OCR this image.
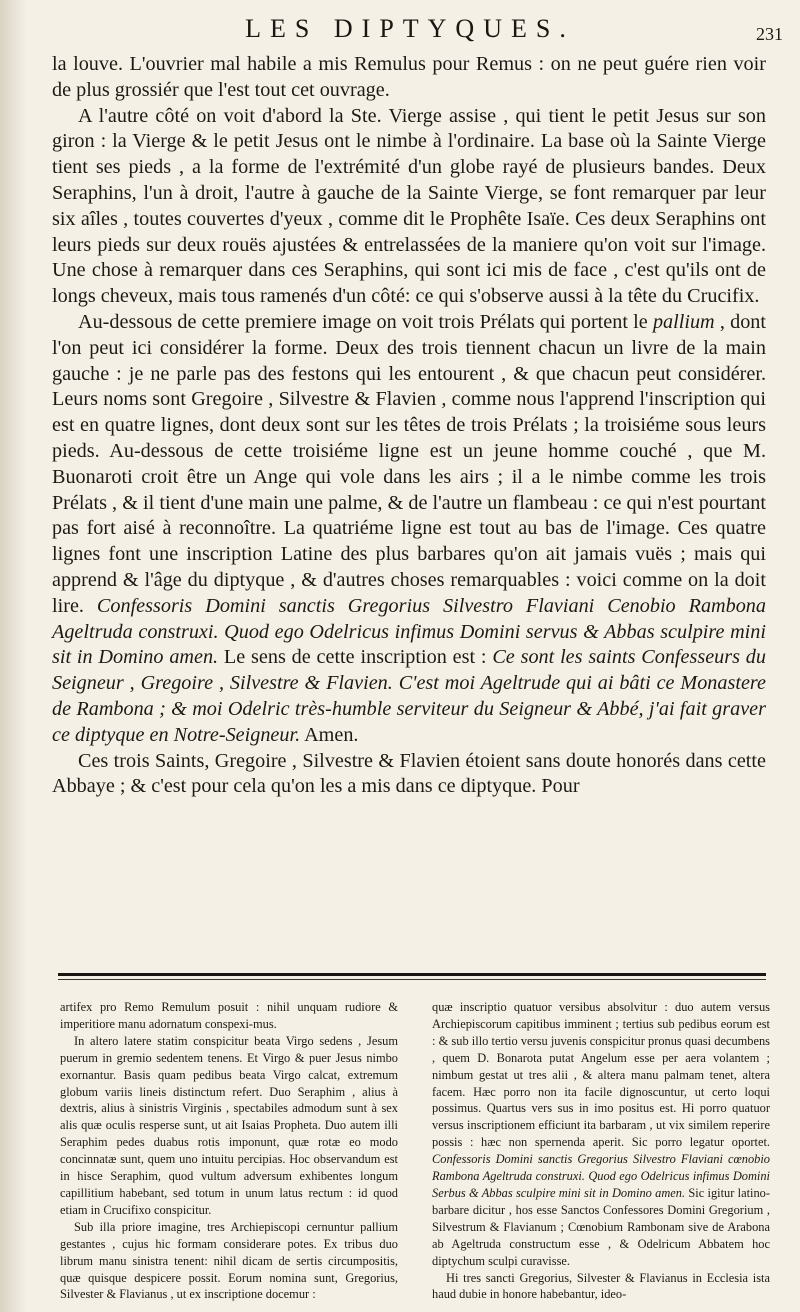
LES DIPTYQUES.	231

la louve. L'ouvrier mal habile a mis Remulus pour Remus : on ne peut guére rien voir de plus grossiér que l'est tout cet ouvrage.

A l'autre côté on voit d'abord la Ste. Vierge assise , qui tient le petit Jesus sur son giron : la Vierge & le petit Jesus ont le nimbe à l'ordinaire. La base où la Sainte Vierge tient ses pieds , a la forme de l'extrémité d'un globe rayé de plusieurs bandes. Deux Seraphins, l'un à droit, l'autre à gauche de la Sainte Vierge, se font remarquer par leur six aîles , toutes couvertes d'yeux , comme dit le Prophête Isaïe. Ces deux Seraphins ont leurs pieds sur deux rouës ajustées & entrelassées de la maniere qu'on voit sur l'image. Une chose à remarquer dans ces Seraphins, qui sont ici mis de face , c'est qu'ils ont de longs cheveux, mais tous ramenés d'un côté: ce qui s'observe aussi à la tête du Crucifix.

Au-dessous de cette premiere image on voit trois Prélats qui portent le pallium , dont l'on peut ici considérer la forme. Deux des trois tiennent chacun un livre de la main gauche : je ne parle pas des festons qui les entourent , & que chacun peut considérer. Leurs noms sont Gregoire , Silvestre & Flavien , comme nous l'apprend l'inscription qui est en quatre lignes, dont deux sont sur les têtes de trois Prélats ; la troisiéme sous leurs pieds. Au-dessous de cette troisiéme ligne est un jeune homme couché , que M. Buonaroti croit être un Ange qui vole dans les airs ; il a le nimbe comme les trois Prélats , & il tient d'une main une palme, & de l'autre un flambeau : ce qui n'est pourtant pas fort aisé à reconnoître. La quatriéme ligne est tout au bas de l'image. Ces quatre lignes font une inscription Latine des plus barbares qu'on ait jamais vuës ; mais qui apprend & l'âge du diptyque , & d'autres choses remarquables : voici comme on la doit lire. Confessoris Domini sanctis Gregorius Silvestro Flaviani Cenobio Rambona Ageltruda construxi. Quod ego Odelricus infimus Domini servus & Abbas sculpire mini sit in Domino amen. Le sens de cette inscription est : Ce sont les saints Confesseurs du Seigneur , Gregoire , Silvestre & Flavien. C'est moi Ageltrude qui ai bâti ce Monastere de Rambona ; & moi Odelric très-humble serviteur du Seigneur & Abbé, j'ai fait graver ce diptyque en Notre-Seigneur. Amen.

Ces trois Saints, Gregoire , Silvestre & Flavien étoient sans doute honorés dans cette Abbaye ; & c'est pour cela qu'on les a mis dans ce diptyque. Pour

artifex pro Remo Remulum posuit : nihil unquam rudiore & imperitiore manu adornatum conspexi-mus.

In altero latere statim conspicitur beata Virgo sedens , Jesum puerum in gremio sedentem tenens. Et Virgo & puer Jesus nimbo exornantur. Basis quam pedibus beata Virgo calcat, extremum globum variis lineis distinctum refert. Duo Seraphim , alius à dextris, alius à sinistris Virginis , spectabiles admodum sunt à sex alis quæ oculis resperse sunt, ut ait Isaias Propheta. Duo autem illi Seraphim pedes duabus rotis imponunt, quæ rotæ eo modo concinnatæ sunt, quem uno intuitu percipias. Hoc observandum est in hisce Seraphim, quod vultum adversum exhibentes longum capillitium habebant, sed totum in unum latus rectum : id quod etiam in Crucifixo conspicitur.

Sub illa priore imagine, tres Archiepiscopi cernuntur pallium gestantes , cujus hic formam considerare potes. Ex tribus duo librum manu sinistra tenent: nihil dicam de sertis circumpositis, quæ quisque despicere possit. Eorum nomina sunt, Gregorius, Silvester & Flavianus , ut ex inscriptione docemur :

quæ inscriptio quatuor versibus absolvitur : duo autem versus Archiepiscorum capitibus imminent ; tertius sub pedibus eorum est : & sub illo tertio versu juvenis conspicitur pronus quasi decumbens , quem D. Bonarota putat Angelum esse per aera volantem ; nimbum gestat ut tres alii , & altera manu palmam tenet, altera facem. Hæc porro non ita facile dignoscuntur, ut certo loqui possimus. Quartus vers sus in imo positus est. Hi porro quatuor versus inscriptionem efficiunt ita barbaram , ut vix similem reperire possis : hæc non spernenda aperit. Sic porro legatur oportet. Confessoris Domini sanctis Gregorius Silvestro Flaviani cœnobio Rambona Ageltruda construxi. Quod ego Odelricus infimus Domini Serbus & Abbas sculpire mini sit in Domino amen. Sic igitur latino-barbare dicitur , hos esse Sanctos Confessores Domini Gregorium , Silvestrum & Flavianum ; Cœnobium Rambonam sive de Arabona ab Ageltruda constructum esse , & Odelricum Abbatem hoc diptychum sculpi curavisse.

Hi tres sancti Gregorius, Silvester & Flavianus in Ecclesia ista haud dubie in honore habebantur, ideo-
